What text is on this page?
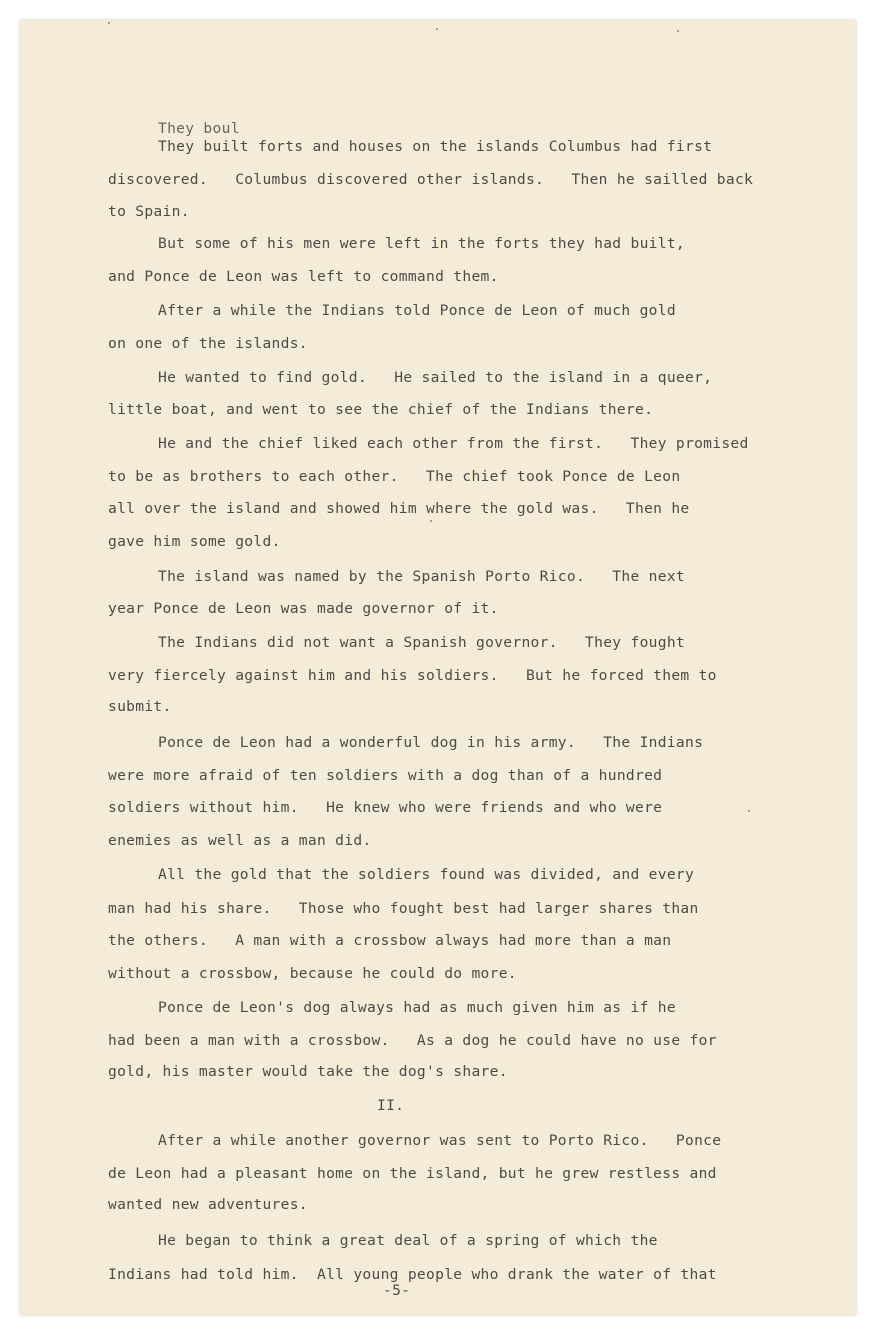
They boul
They built forts and houses on the islands Columbus had first
discovered.   Columbus discovered other islands.   Then he sailled back
to Spain.
But some of his men were left in the forts they had built,
and Ponce de Leon was left to command them.
After a while the Indians told Ponce de Leon of much gold
on one of the islands.
He wanted to find gold.   He sailed to the island in a queer,
little boat, and went to see the chief of the Indians there.
He and the chief liked each other from the first.   They promised
to be as brothers to each other.   The chief took Ponce de Leon
all over the island and showed him where the gold was.   Then he
gave him some gold.
The island was named by the Spanish Porto Rico.   The next
year Ponce de Leon was made governor of it.
The Indians did not want a Spanish governor.   They fought
very fiercely against him and his soldiers.   But he forced them to
submit.
Ponce de Leon had a wonderful dog in his army.   The Indians
were more afraid of ten soldiers with a dog than of a hundred
soldiers without him.   He knew who were friends and who were
enemies as well as a man did.
All the gold that the soldiers found was divided, and every
man had his share.   Those who fought best had larger shares than
the others.   A man with a crossbow always had more than a man
without a crossbow, because he could do more.
Ponce de Leon's dog always had as much given him as if he
had been a man with a crossbow.   As a dog he could have no use for
gold, his master would take the dog's share.
II.
After a while another governor was sent to Porto Rico.   Ponce
de Leon had a pleasant home on the island, but he grew restless and
wanted new adventures.
He began to think a great deal of a spring of which the
Indians had told him.  All young people who drank the water of that
-5-
